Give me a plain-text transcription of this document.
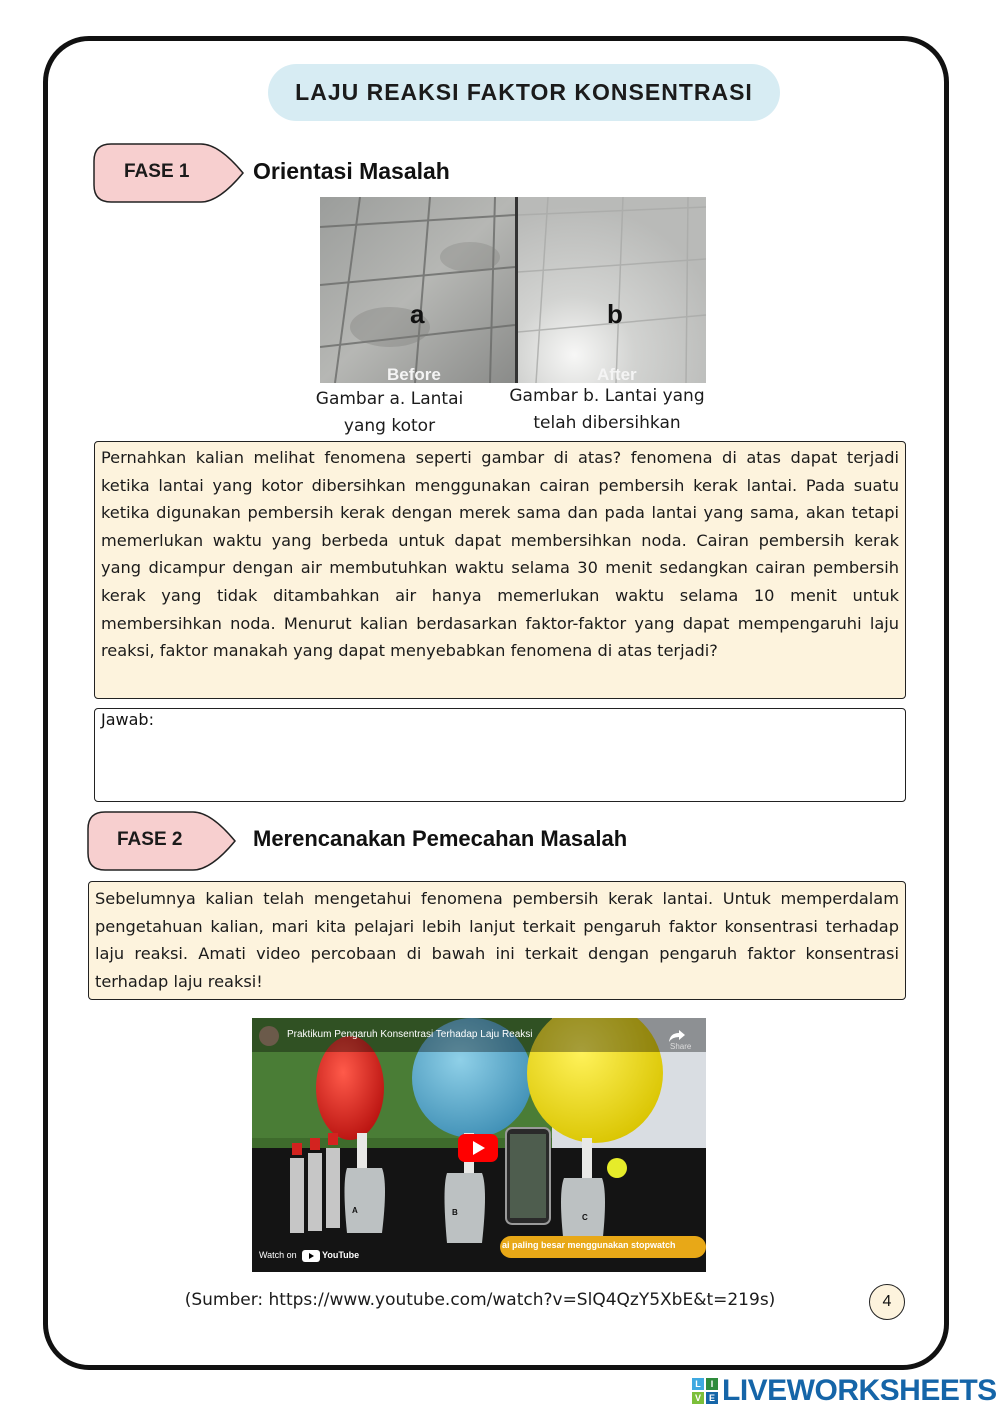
LAJU REAKSI FAKTOR KONSENTRASI
FASE 1	Orientasi Masalah
a
Before
b
After
Gambar a. Lantai yang kotor
Gambar b. Lantai yang telah dibersihkan
Pernahkan kalian melihat fenomena seperti gambar di atas? fenomena di atas dapat terjadi ketika lantai yang kotor dibersihkan menggunakan cairan pembersih kerak lantai. Pada suatu ketika digunakan pembersih kerak dengan merek sama dan pada lantai yang sama, akan tetapi memerlukan waktu yang berbeda untuk dapat membersihkan noda. Cairan pembersih kerak yang dicampur dengan air membutuhkan waktu selama 30 menit sedangkan cairan pembersih kerak yang tidak ditambahkan air hanya memerlukan waktu selama 10 menit untuk membersihkan noda. Menurut kalian berdasarkan faktor-faktor yang dapat mempengaruhi laju reaksi, faktor manakah yang dapat menyebabkan fenomena di atas terjadi?
Jawab:
FASE 2	Merencanakan Pemecahan Masalah
Sebelumnya kalian telah mengetahui fenomena pembersih kerak lantai. Untuk memperdalam pengetahuan kalian, mari kita pelajari lebih lanjut terkait pengaruh faktor konsentrasi terhadap laju reaksi. Amati video percobaan di bawah ini terkait dengan pengaruh faktor konsentrasi terhadap laju reaksi!
Praktikum Pengaruh Konsentrasi Terhadap Laju Reaksi
Share
A	B
C
ai paling besar menggunakan stopwatch
Watch on	YouTube
(Sumber: https://www.youtube.com/watch?v=SlQ4QzY5XbE&t=219s)	4
L	I
V E LIVEWORKSHEETS
